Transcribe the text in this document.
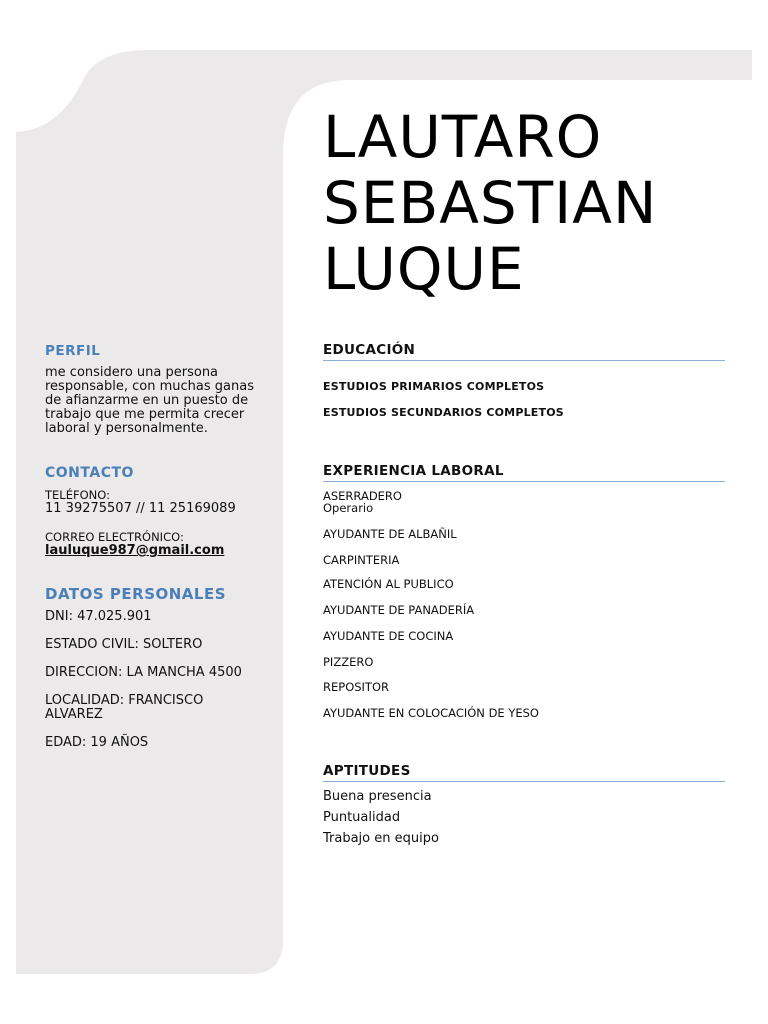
LAUTARO
SEBASTIAN
LUQUE
PERFIL

me considero una persona

responsable, con muchas ganas

de afianzarme en un puesto de

trabajo que me permita crecer

laboral y personalmente.

CONTACTO

TELÉFONO:

11 39275507 // 11 25169089

CORREO ELECTRÓNICO:

lauluque987@gmail.com

DATOS PERSONALES

DNI: 47.025.901

ESTADO CIVIL: SOLTERO

DIRECCION: LA MANCHA 4500

LOCALIDAD: FRANCISCO

ALVAREZ

EDAD: 19 AÑOS

EDUCACIÓN
ESTUDIOS PRIMARIOS COMPLETOS
ESTUDIOS SECUNDARIOS COMPLETOS
EXPERIENCIA LABORAL
ASERRADERO
Operario
AYUDANTE DE ALBAÑIL
CARPINTERIA
ATENCIÓN AL PUBLICO
AYUDANTE DE PANADERÍA
AYUDANTE DE COCINA
PIZZERO
REPOSITOR
AYUDANTE EN COLOCACIÓN DE YESO
APTITUDES
Buena presencia
Puntualidad
Trabajo en equipo
